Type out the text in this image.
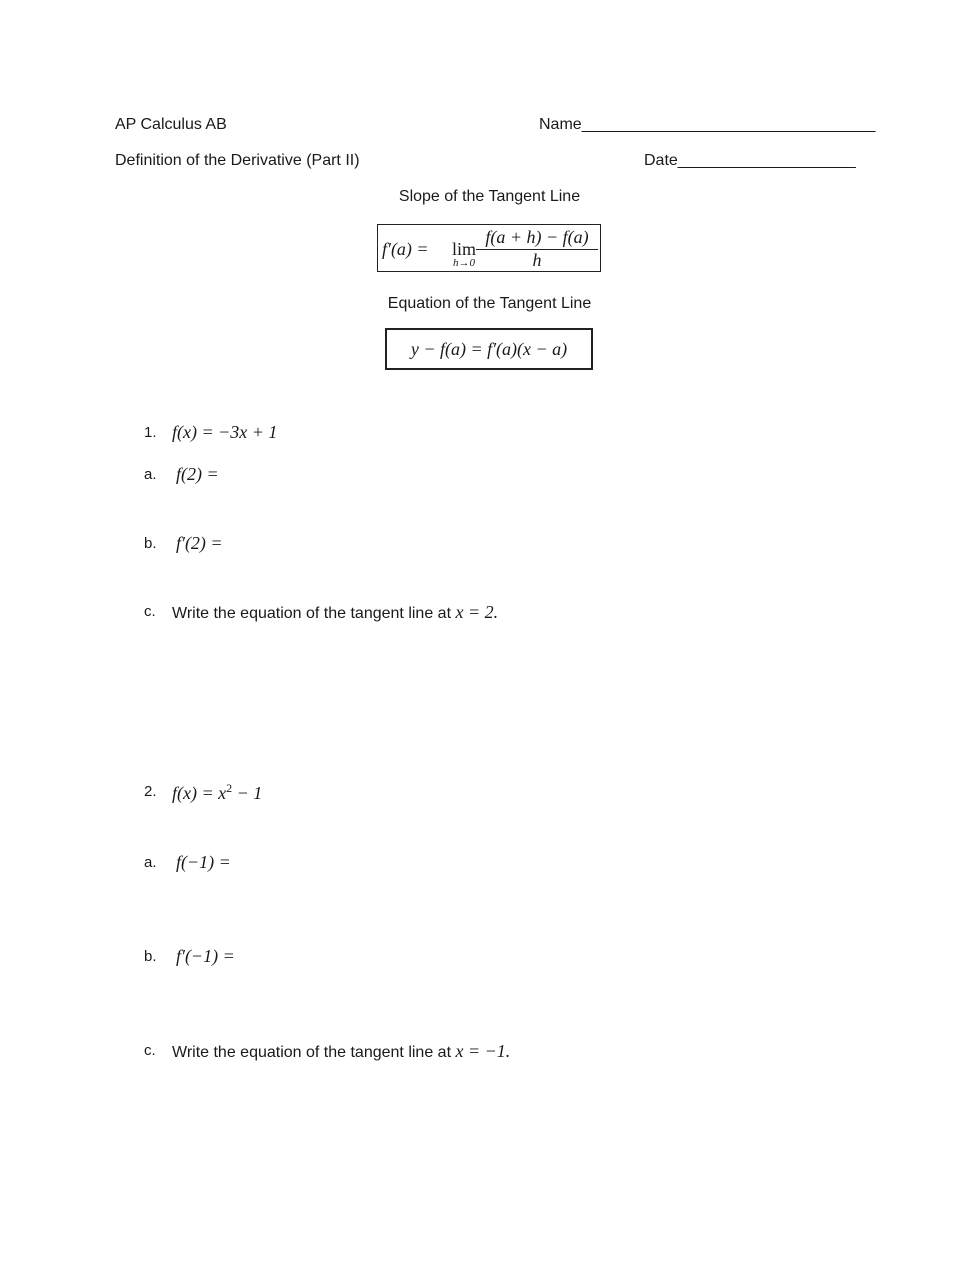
AP Calculus AB	Name_________________________________
Definition of the Derivative (Part II)	Date____________________
Slope of the Tangent Line
f′(a) = lim
h→0
f(a + h) − f(a)
h
Equation of the Tangent Line
y − f(a) = f′(a)(x − a)
1. f(x) = −3x + 1
a. f(2) =
b. f′(2) =
c. Write the equation of the tangent line at x = 2.
2. $f(x) = x^2 - 1$
a. f(−1) =
b. f′(−1) =
c. Write the equation of the tangent line at x = −1.
